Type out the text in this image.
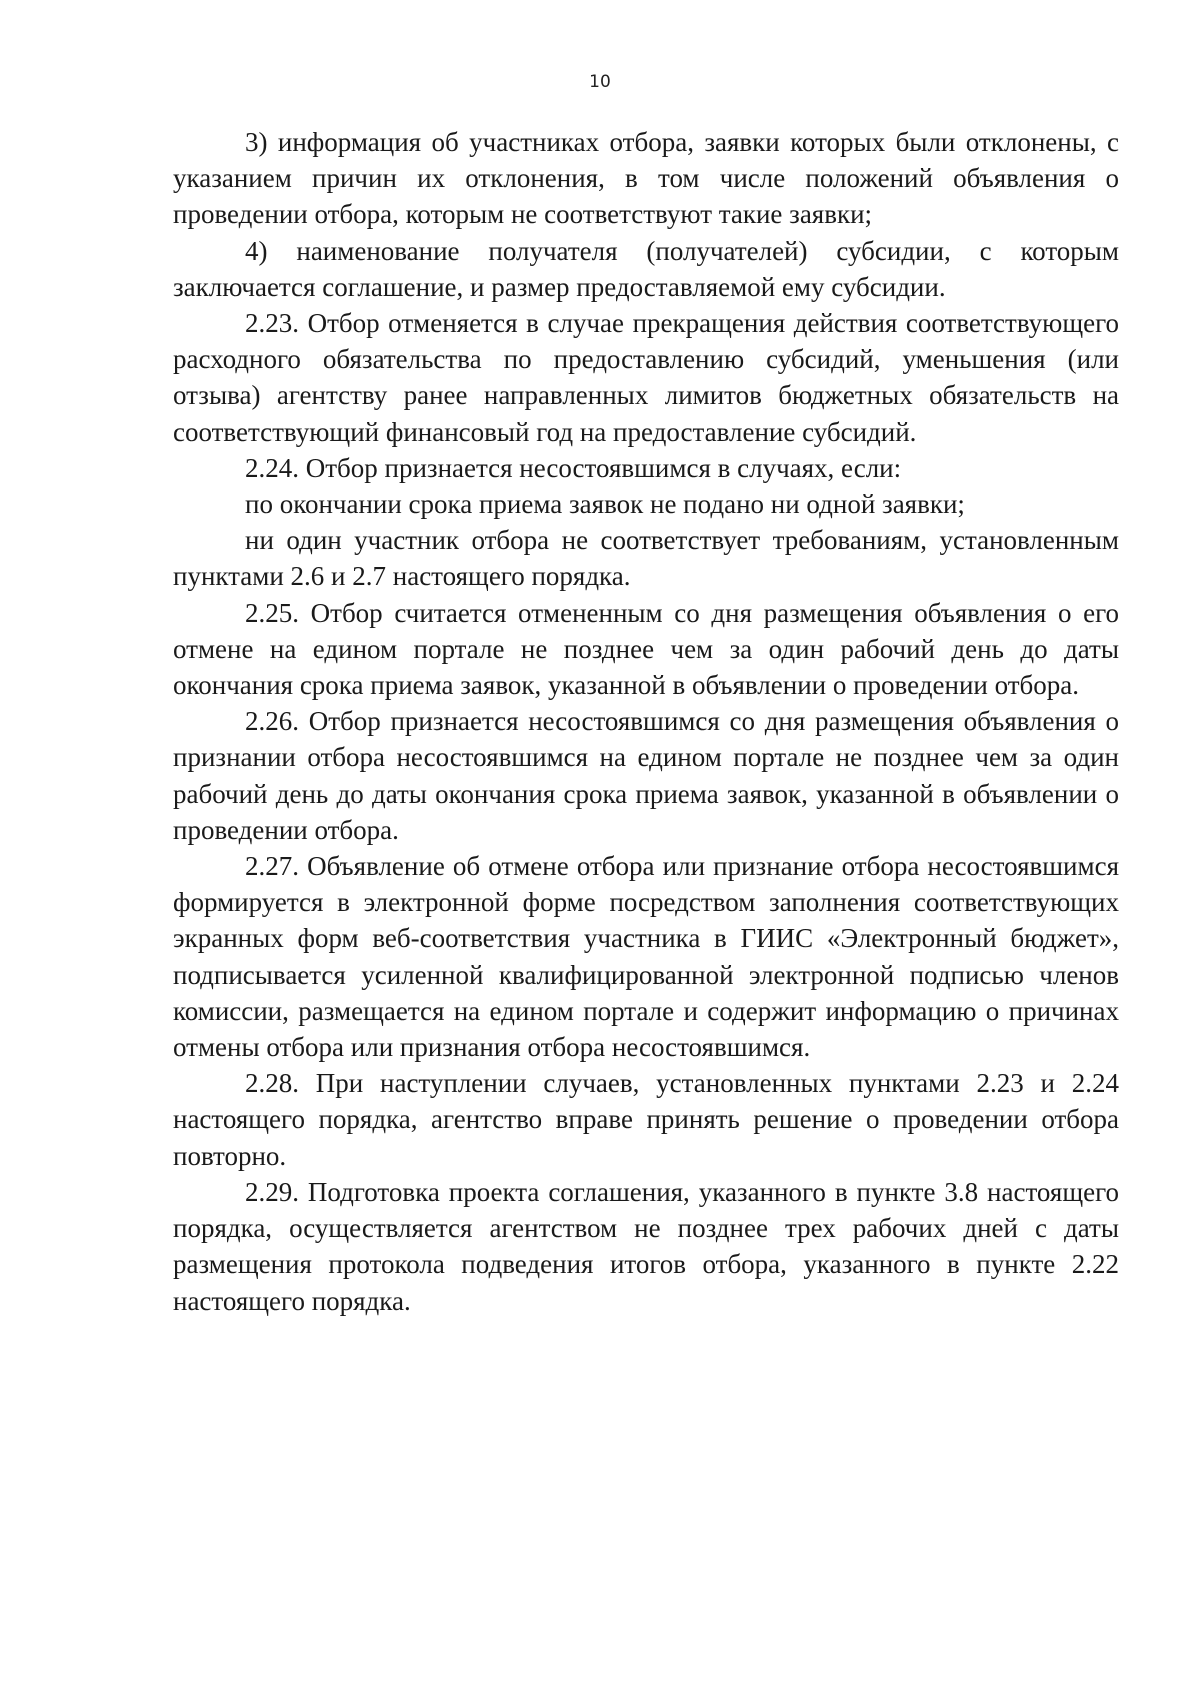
10

3) информация об участниках отбора, заявки которых были отклонены, с указанием причин их отклонения, в том числе положений объявления о проведении отбора, которым не соответствуют такие заявки;

4) наименование получателя (получателей) субсидии, с которым заключается соглашение, и размер предоставляемой ему субсидии.

2.23. Отбор отменяется в случае прекращения действия соответствующего расходного обязательства по предоставлению субсидий, уменьшения (или отзыва) агентству ранее направленных лимитов бюджетных обязательств на соответствующий финансовый год на предоставление субсидий.

2.24. Отбор признается несостоявшимся в случаях, если:

по окончании срока приема заявок не подано ни одной заявки;

ни один участник отбора не соответствует требованиям, установленным пунктами 2.6 и 2.7 настоящего порядка.

2.25. Отбор считается отмененным со дня размещения объявления о его отмене на едином портале не позднее чем за один рабочий день до даты окончания срока приема заявок, указанной в объявлении о проведении отбора.

2.26. Отбор признается несостоявшимся со дня размещения объявления о признании отбора несостоявшимся на едином портале не позднее чем за один рабочий день до даты окончания срока приема заявок, указанной в объявлении о проведении отбора.

2.27. Объявление об отмене отбора или признание отбора несостоявшимся формируется в электронной форме посредством заполнения соответствующих экранных форм веб-соответствия участника в ГИИС «Электронный бюджет», подписывается усиленной квалифицированной электронной подписью членов комиссии, размещается на едином портале и содержит информацию о причинах отмены отбора или признания отбора несостоявшимся.

2.28. При наступлении случаев, установленных пунктами 2.23 и 2.24 настоящего порядка, агентство вправе принять решение о проведении отбора повторно.

2.29. Подготовка проекта соглашения, указанного в пункте 3.8 настоящего порядка, осуществляется агентством не позднее трех рабочих дней с даты размещения протокола подведения итогов отбора, указанного в пункте 2.22 настоящего порядка.
